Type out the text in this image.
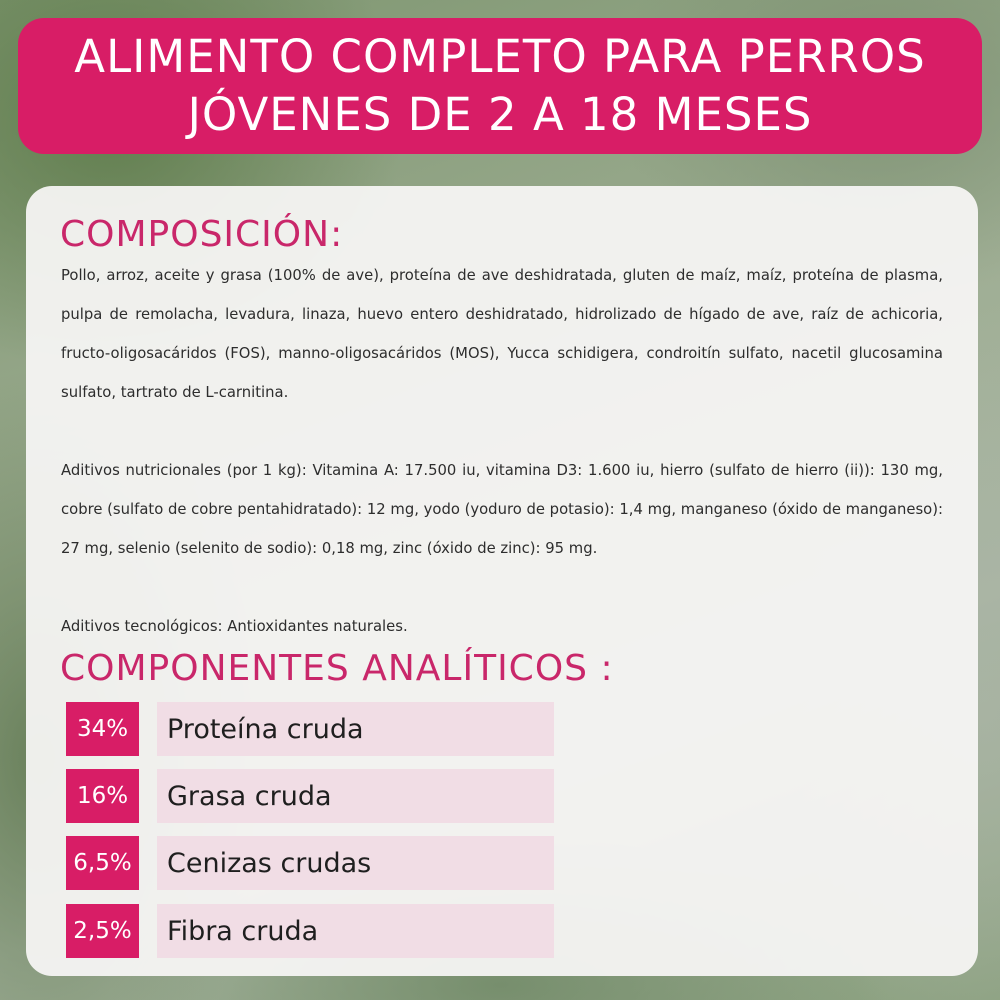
ALIMENTO COMPLETO PARA PERROS
JÓVENES DE 2 A 18 MESES
COMPOSICIÓN:
Pollo, arroz, aceite y grasa (100% de ave), proteína de ave deshidratada, gluten de maíz, maíz, proteína de plasma, pulpa de remolacha, levadura, linaza, huevo entero deshidratado, hidrolizado de hígado de ave, raíz de achicoria, fructo-oligosacáridos (FOS), manno-oligosacáridos (MOS), Yucca schidigera, condroitín sulfato, nacetil glucosamina sulfato, tartrato de L-carnitina.
Aditivos nutricionales (por 1 kg): Vitamina A: 17.500 iu, vitamina D3: 1.600 iu, hierro (sulfato de hierro (ii)): 130 mg, cobre (sulfato de cobre pentahidratado): 12 mg, yodo (yoduro de potasio): 1,4 mg, manganeso (óxido de manganeso): 27 mg, selenio (selenito de sodio): 0,18 mg, zinc (óxido de zinc): 95 mg.
Aditivos tecnológicos: Antioxidantes naturales.
COMPONENTES ANALÍTICOS :
34%	Proteína cruda
16%	Grasa cruda
6,5%	Cenizas crudas
2,5%	Fibra cruda
